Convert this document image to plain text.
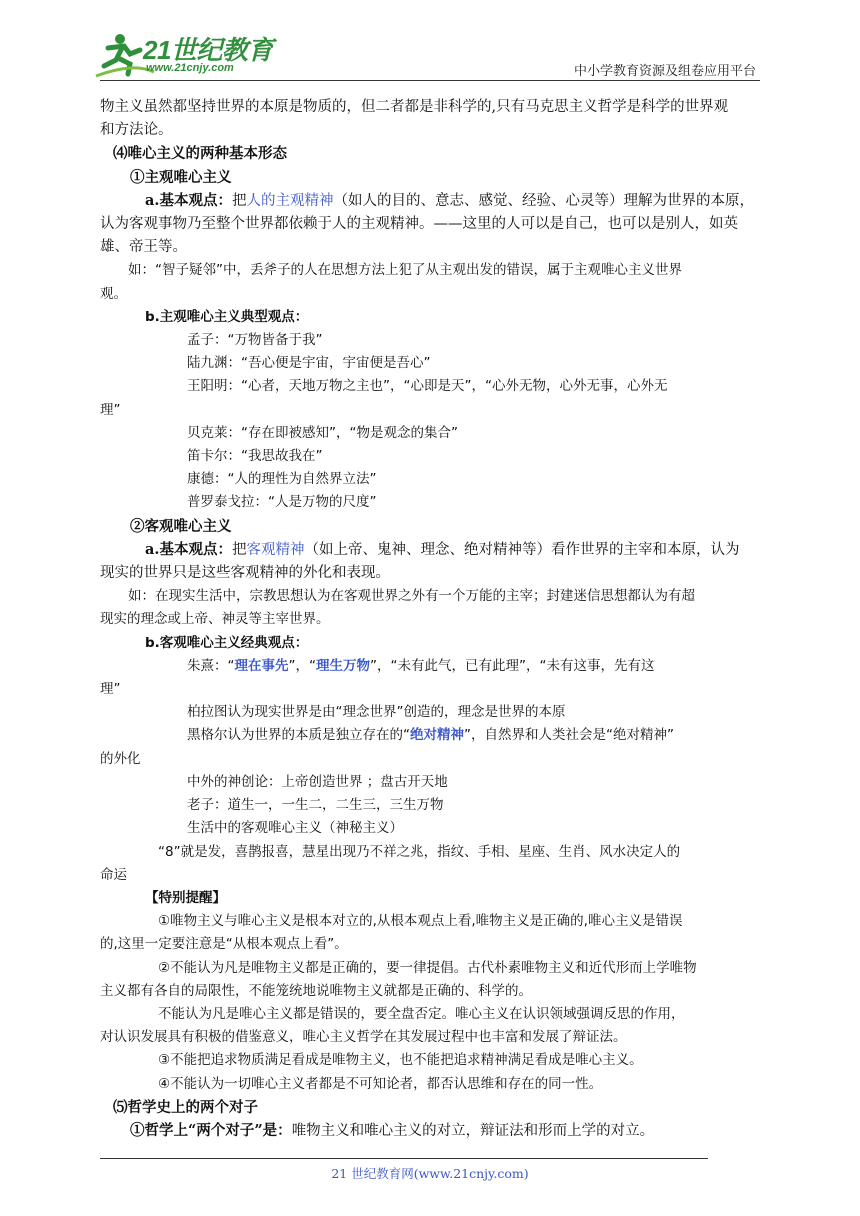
21世纪教育
www.21cnjy.com	中小学教育资源及组卷应用平台

物主义虽然都坚持世界的本原是物质的，但二者都是非科学的,只有马克思主义哲学是科学的世界观

和方法论。

⑷唯心主义的两种基本形态

①主观唯心主义

a.基本观点：把人的主观精神（如人的目的、意志、感觉、经验、心灵等）理解为世界的本原，

认为客观事物乃至整个世界都依赖于人的主观精神。——这里的人可以是自己，也可以是别人，如英

雄、帝王等。

如：“智子疑邻”中，丢斧子的人在思想方法上犯了从主观出发的错误，属于主观唯心主义世界

观。

b.主观唯心主义典型观点：

孟子：“万物皆备于我”

陆九渊：“吾心便是宇宙，宇宙便是吾心”

王阳明：“心者，天地万物之主也”，“心即是天”，“心外无物，心外无事，心外无

理”

贝克莱：“存在即被感知”，“物是观念的集合”

笛卡尔：“我思故我在”

康德：“人的理性为自然界立法”

普罗泰戈拉：“人是万物的尺度”

②客观唯心主义

a.基本观点：把客观精神（如上帝、鬼神、理念、绝对精神等）看作世界的主宰和本原，认为

现实的世界只是这些客观精神的外化和表现。

如：在现实生活中，宗教思想认为在客观世界之外有一个万能的主宰；封建迷信思想都认为有超

现实的理念或上帝、神灵等主宰世界。

b.客观唯心主义经典观点：

朱熹：“理在事先”，“理生万物”，“未有此气，已有此理”，“未有这事，先有这

理”

柏拉图认为现实世界是由“理念世界”创造的，理念是世界的本原

黑格尔认为世界的本质是独立存在的“绝对精神”，自然界和人类社会是“绝对精神”

的外化

中外的神创论：上帝创造世界 ；盘古开天地

老子：道生一，一生二，二生三，三生万物

生活中的客观唯心主义（神秘主义）

“8”就是发，喜鹊报喜，慧星出现乃不祥之兆，指纹、手相、星座、生肖、风水决定人的

命运

【特别提醒】

①唯物主义与唯心主义是根本对立的,从根本观点上看,唯物主义是正确的,唯心主义是错误

的,这里一定要注意是“从根本观点上看”。

②不能认为凡是唯物主义都是正确的，要一律提倡。古代朴素唯物主义和近代形而上学唯物

主义都有各自的局限性，不能笼统地说唯物主义就都是正确的、科学的。

不能认为凡是唯心主义都是错误的，要全盘否定。唯心主义在认识领域强调反思的作用，

对认识发展具有积极的借鉴意义，唯心主义哲学在其发展过程中也丰富和发展了辩证法。

③不能把追求物质满足看成是唯物主义，也不能把追求精神满足看成是唯心主义。

④不能认为一切唯心主义者都是不可知论者，都否认思维和存在的同一性。

⑸哲学史上的两个对子

①哲学上“两个对子”是：唯物主义和唯心主义的对立，辩证法和形而上学的对立。

21 世纪教育网(www.21cnjy.com)
